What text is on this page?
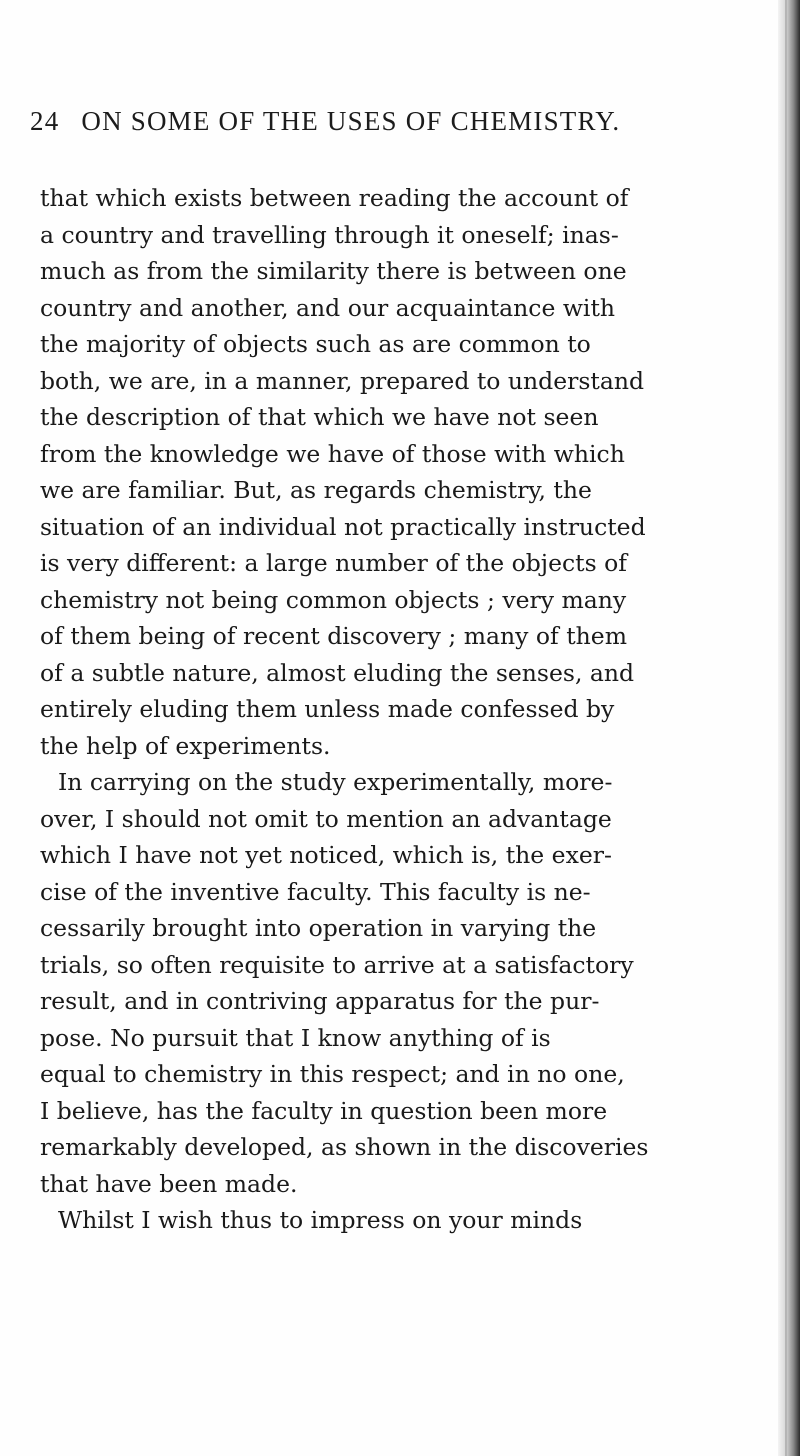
24 ON SOME OF THE USES OF CHEMISTRY.
that which exists between reading the account of
a country and travelling through it oneself; inas-
much as from the similarity there is between one
country and another, and our acquaintance with
the majority of objects such as are common to
both, we are, in a manner, prepared to understand
the description of that which we have not seen
from the knowledge we have of those with which
we are familiar. But, as regards chemistry, the
situation of an individual not practically instructed
is very different: a large number of the objects of
chemistry not being common objects ; very many
of them being of recent discovery ; many of them
of a subtle nature, almost eluding the senses, and
entirely eluding them unless made confessed by
the help of experiments.
In carrying on the study experimentally, more-
over, I should not omit to mention an advantage
which I have not yet noticed, which is, the exer-
cise of the inventive faculty. This faculty is ne-
cessarily brought into operation in varying the
trials, so often requisite to arrive at a satisfactory
result, and in contriving apparatus for the pur-
pose. No pursuit that I know anything of is
equal to chemistry in this respect; and in no one,
I believe, has the faculty in question been more
remarkably developed, as shown in the discoveries
that have been made.
Whilst I wish thus to impress on your minds
